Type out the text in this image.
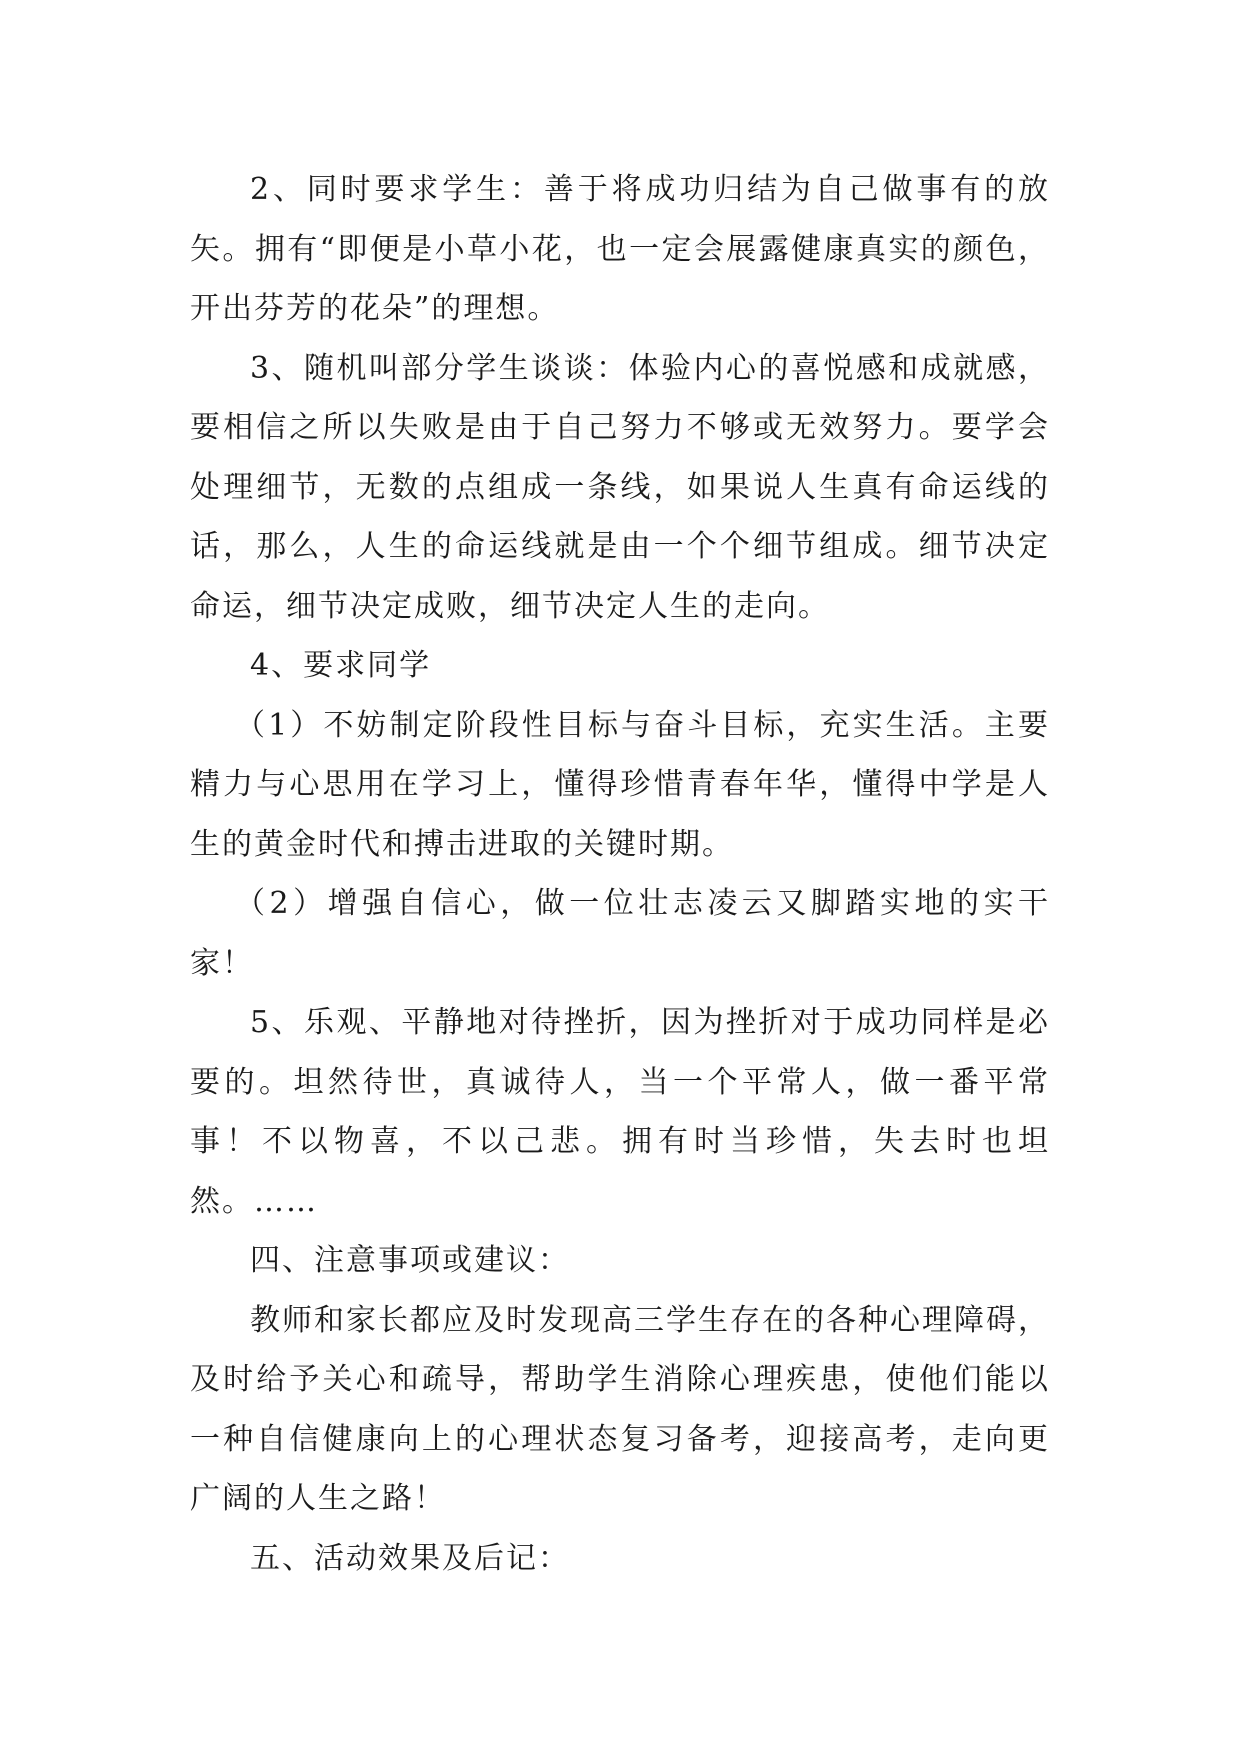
2、同时要求学生：善于将成功归结为自己做事有的放矢。拥有“即便是小草小花，也一定会展露健康真实的颜色，开出芬芳的花朵”的理想。

3、随机叫部分学生谈谈：体验内心的喜悦感和成就感，要相信之所以失败是由于自己努力不够或无效努力。要学会处理细节，无数的点组成一条线，如果说人生真有命运线的话，那么，人生的命运线就是由一个个细节组成。细节决定命运，细节决定成败，细节决定人生的走向。

4、要求同学

（1）不妨制定阶段性目标与奋斗目标，充实生活。主要精力与心思用在学习上，懂得珍惜青春年华，懂得中学是人生的黄金时代和搏击进取的关键时期。

（2）增强自信心，做一位壮志凌云又脚踏实地的实干家！

5、乐观、平静地对待挫折，因为挫折对于成功同样是必要的。坦然待世，真诚待人，当一个平常人，做一番平常事！不以物喜，不以己悲。拥有时当珍惜，失去时也坦然。……

四、注意事项或建议：

教师和家长都应及时发现高三学生存在的各种心理障碍，及时给予关心和疏导，帮助学生消除心理疾患，使他们能以一种自信健康向上的心理状态复习备考，迎接高考，走向更广阔的人生之路！

五、活动效果及后记：
